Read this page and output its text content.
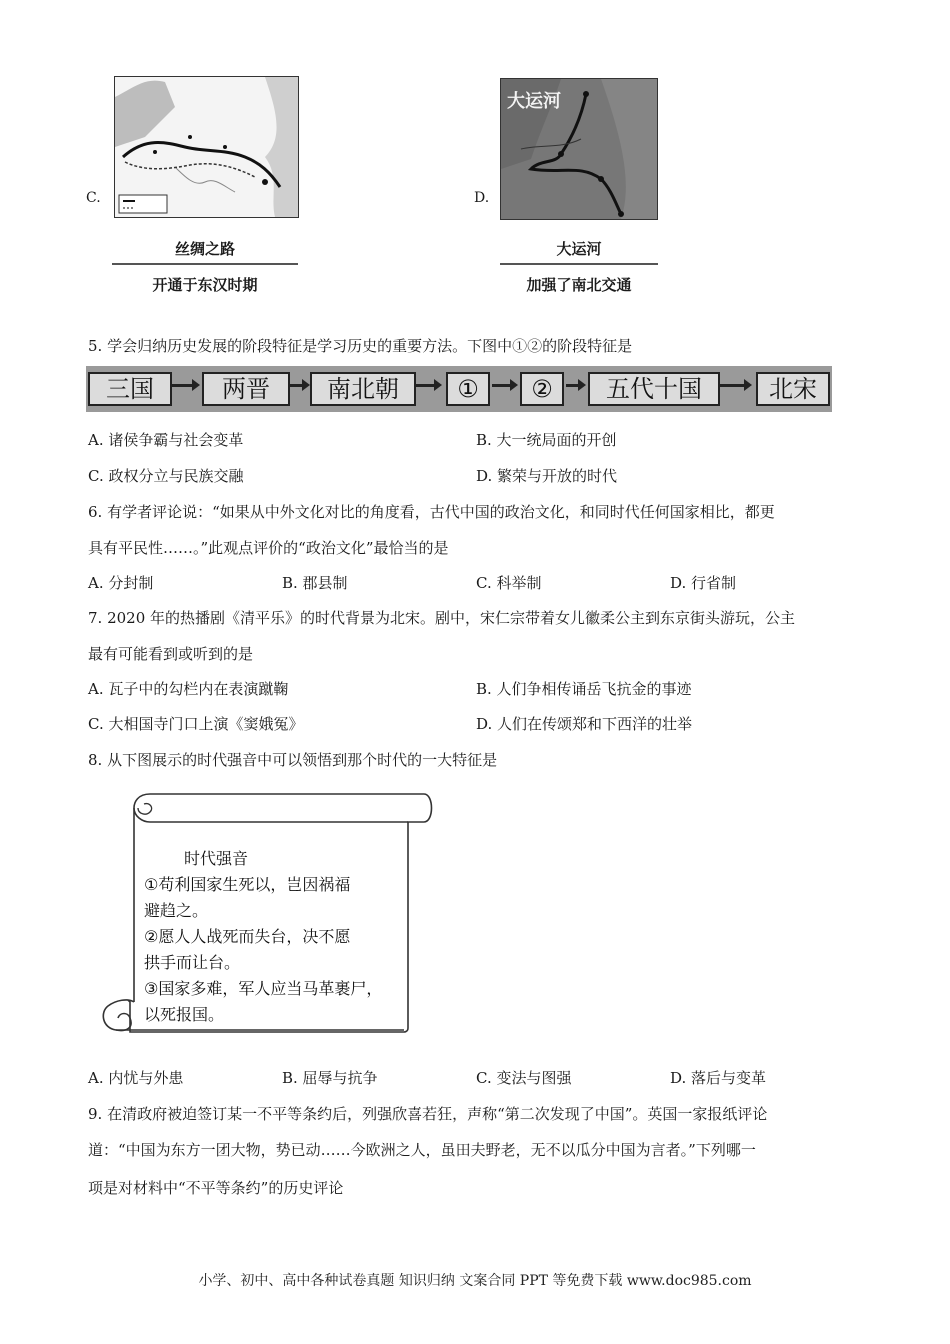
C.
丝绸之路
开通于东汉时期
D.
大运河
大运河
加强了南北交通
5. 学会归纳历史发展的阶段特征是学习历史的重要方法。下图中①②的阶段特征是
三国	两晋	南北朝	①	②	五代十国	北宋
A. 诸侯争霸与社会变革	B. 大一统局面的开创
C. 政权分立与民族交融	D. 繁荣与开放的时代
6. 有学者评论说：“如果从中外文化对比的角度看，古代中国的政治文化，和同时代任何国家相比，都更
具有平民性……。”此观点评价的“政治文化”最恰当的是
A. 分封制	B. 郡县制	C. 科举制	D. 行省制
7. 2020 年的热播剧《清平乐》的时代背景为北宋。剧中，宋仁宗带着女儿徽柔公主到东京街头游玩，公主
最有可能看到或听到的是
A. 瓦子中的勾栏内在表演蹴鞠	B. 人们争相传诵岳飞抗金的事迹
C. 大相国寺门口上演《窦娥冤》	D. 人们在传颂郑和下西洋的壮举
8. 从下图展示的时代强音中可以领悟到那个时代的一大特征是
时代强音
①苟利国家生死以，岂因祸福
避趋之。
②愿人人战死而失台，决不愿
拱手而让台。
③国家多难，军人应当马革裹尸，
以死报国。
A. 内忧与外患	B. 屈辱与抗争	C. 变法与图强	D. 落后与变革
9. 在清政府被迫签订某一不平等条约后，列强欣喜若狂，声称“第二次发现了中国”。英国一家报纸评论
道：“中国为东方一团大物，势已动……今欧洲之人，虽田夫野老，无不以瓜分中国为言者。”下列哪一
项是对材料中“不平等条约”的历史评论
小学、初中、高中各种试卷真题 知识归纳 文案合同 PPT 等免费下载 www.doc985.com
